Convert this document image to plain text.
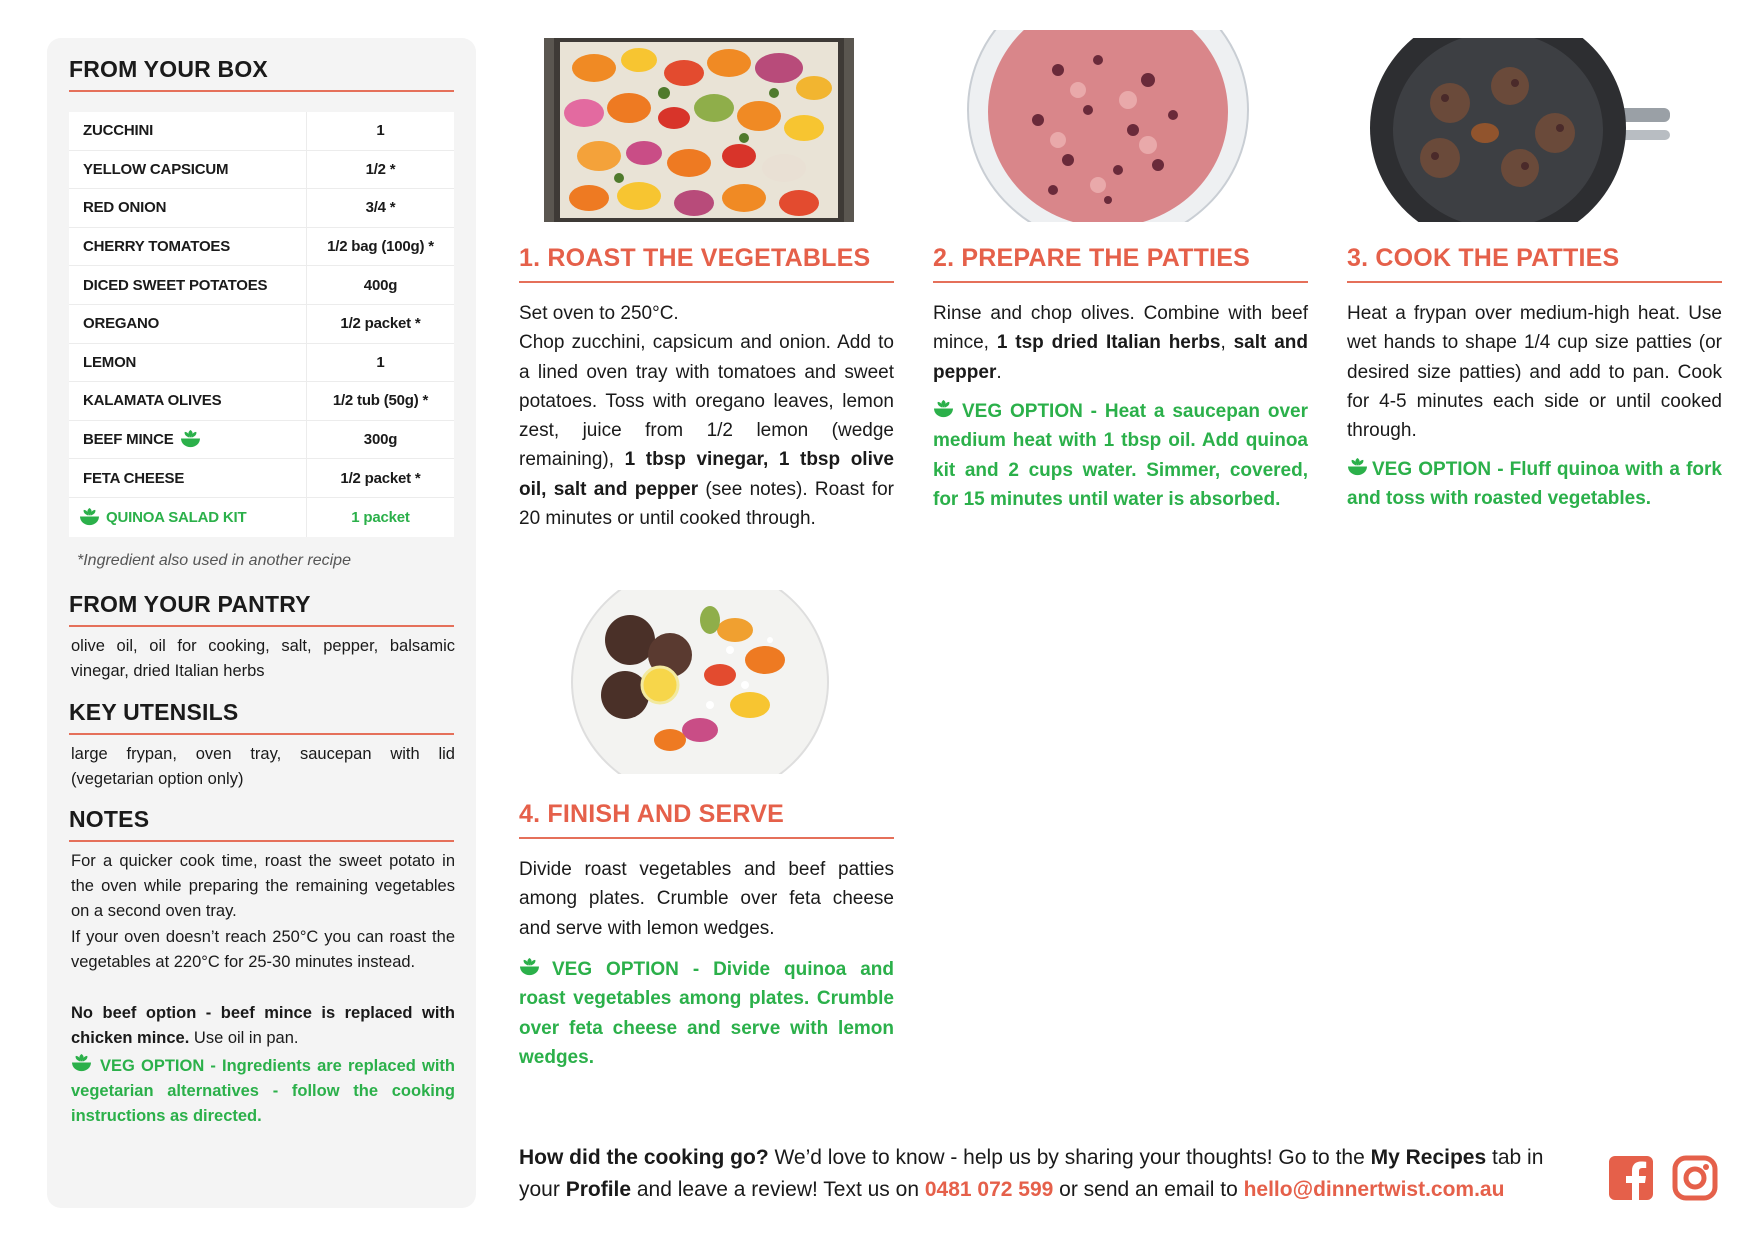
FROM YOUR BOX
ZUCCHINI	1
YELLOW CAPSICUM	1/2 *
RED ONION	3/4 *
CHERRY TOMATOES	1/2 bag (100g) *
DICED SWEET POTATOES	400g
OREGANO	1/2 packet *
LEMON	1
KALAMATA OLIVES	1/2 tub (50g) *
BEEF MINCE	300g
FETA CHEESE	1/2 packet *
QUINOA SALAD KIT	1 packet
*Ingredient also used in another recipe
FROM YOUR PANTRY
olive oil, oil for cooking, salt, pepper, balsamic vinegar, dried Italian herbs
KEY UTENSILS
large frypan, oven tray, saucepan with lid (vegetarian option only)
NOTES
For a quicker cook time, roast the sweet potato in the oven while preparing the remaining vegetables on a second oven tray.
If your oven doesn’t reach 250°C you can roast the vegetables at 220°C for 25-30 minutes instead.
No beef option - beef mince is replaced with chicken mince. Use oil in pan.
VEG OPTION - Ingredients are replaced with vegetarian alternatives - follow the cooking instructions as directed.
1. ROAST THE VEGETABLES
Set oven to 250°C.
Chop zucchini, capsicum and onion. Add to a lined oven tray with tomatoes and sweet potatoes. Toss with oregano leaves, lemon zest, juice from 1/2 lemon (wedge remaining), 1 tbsp vinegar, 1 tbsp olive oil, salt and pepper (see notes). Roast for 20 minutes or until cooked through.
2. PREPARE THE PATTIES
Rinse and chop olives. Combine with beef mince, 1 tsp dried Italian herbs, salt and pepper.
VEG OPTION - Heat a saucepan over medium heat with 1 tbsp oil. Add quinoa kit and 2 cups water. Simmer, covered, for 15 minutes until water is absorbed.
3. COOK THE PATTIES
Heat a frypan over medium-high heat. Use wet hands to shape 1/4 cup size patties (or desired size patties) and add to pan. Cook for 4-5 minutes each side or until cooked through.
VEG OPTION - Fluff quinoa with a fork and toss with roasted vegetables.
4. FINISH AND SERVE
Divide roast vegetables and beef patties among plates. Crumble over feta cheese and serve with lemon wedges.
VEG OPTION - Divide quinoa and roast vegetables among plates. Crumble over feta cheese and serve with lemon wedges.
How did the cooking go? We’d love to know - help us by sharing your thoughts! Go to the My Recipes tab in your Profile and leave a review! Text us on 0481 072 599 or send an email to hello@dinnertwist.com.au
